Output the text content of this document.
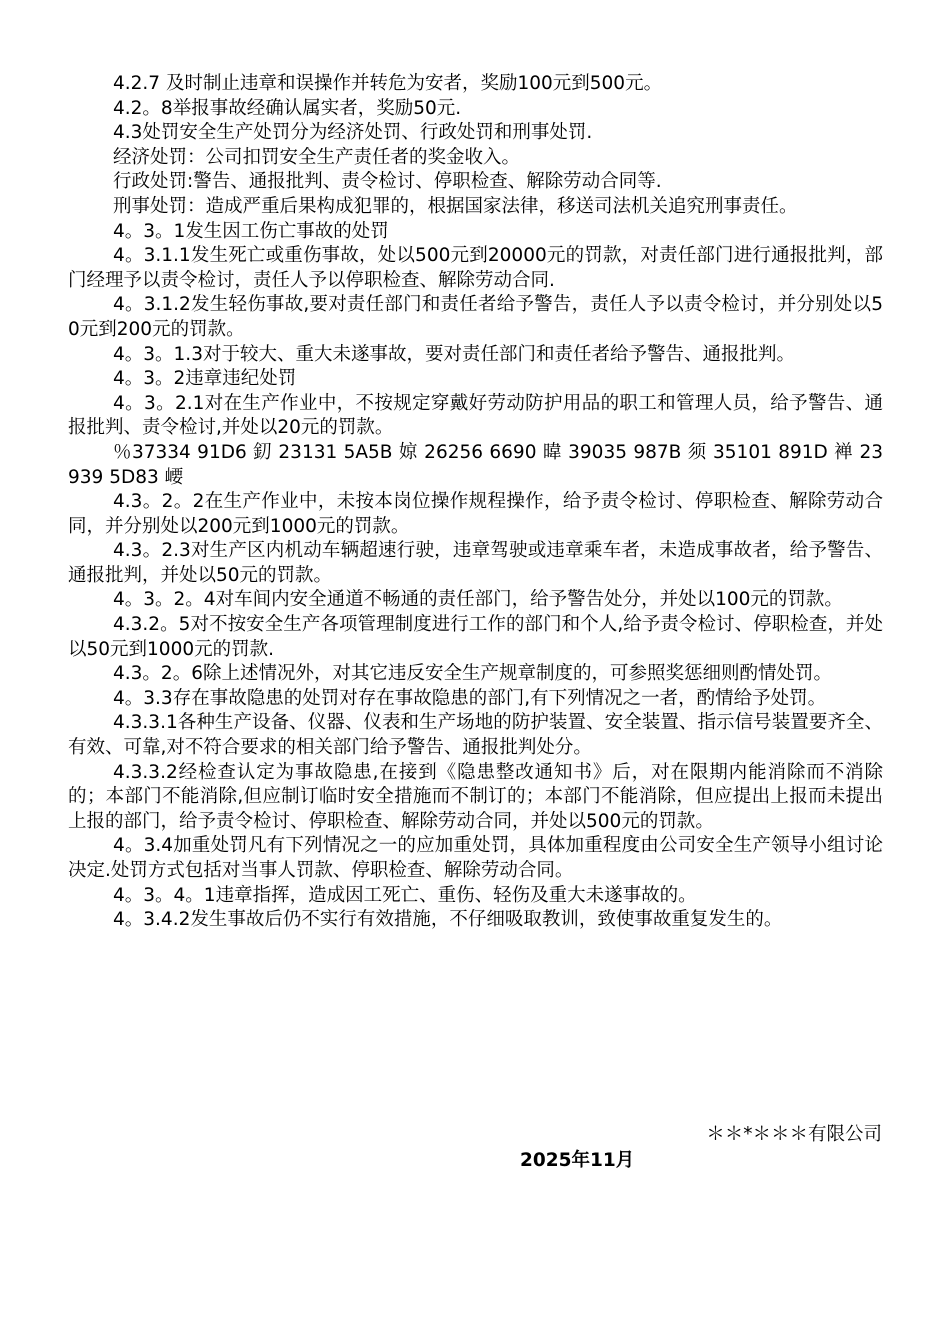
4.2.7 及时制止违章和误操作并转危为安者，奖励100元到500元。

4.2。8举报事故经确认属实者，奖励50元.

4.3处罚安全生产处罚分为经济处罚、行政处罚和刑事处罚.

经济处罚：公司扣罚安全生产责任者的奖金收入。

行政处罚:警告、通报批判、责令检讨、停职检查、解除劳动合同等.

刑事处罚：造成严重后果构成犯罪的，根据国家法律，移送司法机关追究刑事责任。

4。3。1发生因工伤亡事故的处罚

4。3.1.1发生死亡或重伤事故，处以500元到20000元的罚款，对责任部门进行通报批判，部门经理予以责令检讨，责任人予以停职检查、解除劳动合同.

4。3.1.2发生轻伤事故,要对责任部门和责任者给予警告，责任人予以责令检讨，并分别处以50元到200元的罚款。

4。3。1.3对于较大、重大未遂事故，要对责任部门和责任者给予警告、通报批判。

4。3。2违章违纪处罚

4。3。2.1对在生产作业中，不按规定穿戴好劳动防护用品的职工和管理人员，给予警告、通报批判、责令检讨,并处以20元的罚款。

％37334 91D6 釖 23131 5A5B 婛 26256 6690 暐 39035 987B 须 35101 891D 褝 23939 5D83 崾

4.3。2。2在生产作业中，未按本岗位操作规程操作，给予责令检讨、停职检查、解除劳动合同，并分别处以200元到1000元的罚款。

4.3。2.3对生产区内机动车辆超速行驶，违章驾驶或违章乘车者，未造成事故者，给予警告、通报批判，并处以50元的罚款。

4。3。2。4对车间内安全通道不畅通的责任部门，给予警告处分，并处以100元的罚款。

4.3.2。5对不按安全生产各项管理制度进行工作的部门和个人,给予责令检讨、停职检查，并处以50元到1000元的罚款.

4.3。2。6除上述情况外，对其它违反安全生产规章制度的，可参照奖惩细则酌情处罚。

4。3.3存在事故隐患的处罚对存在事故隐患的部门,有下列情况之一者，酌情给予处罚。

4.3.3.1各种生产设备、仪器、仪表和生产场地的防护装置、安全装置、指示信号装置要齐全、有效、可靠,对不符合要求的相关部门给予警告、通报批判处分。

4.3.3.2经检查认定为事故隐患,在接到《隐患整改通知书》后，对在限期内能消除而不消除的；本部门不能消除,但应制订临时安全措施而不制订的；本部门不能消除，但应提出上报而未提出上报的部门，给予责令检讨、停职检查、解除劳动合同，并处以500元的罚款。

4。3.4加重处罚凡有下列情况之一的应加重处罚，具体加重程度由公司安全生产领导小组讨论决定.处罚方式包括对当事人罚款、停职检查、解除劳动合同。

4。3。4。1违章指挥，造成因工死亡、重伤、轻伤及重大未遂事故的。

4。3.4.2发生事故后仍不实行有效措施，不仔细吸取教训，致使事故重复发生的。

＊＊*＊＊＊有限公司
2025年11月
